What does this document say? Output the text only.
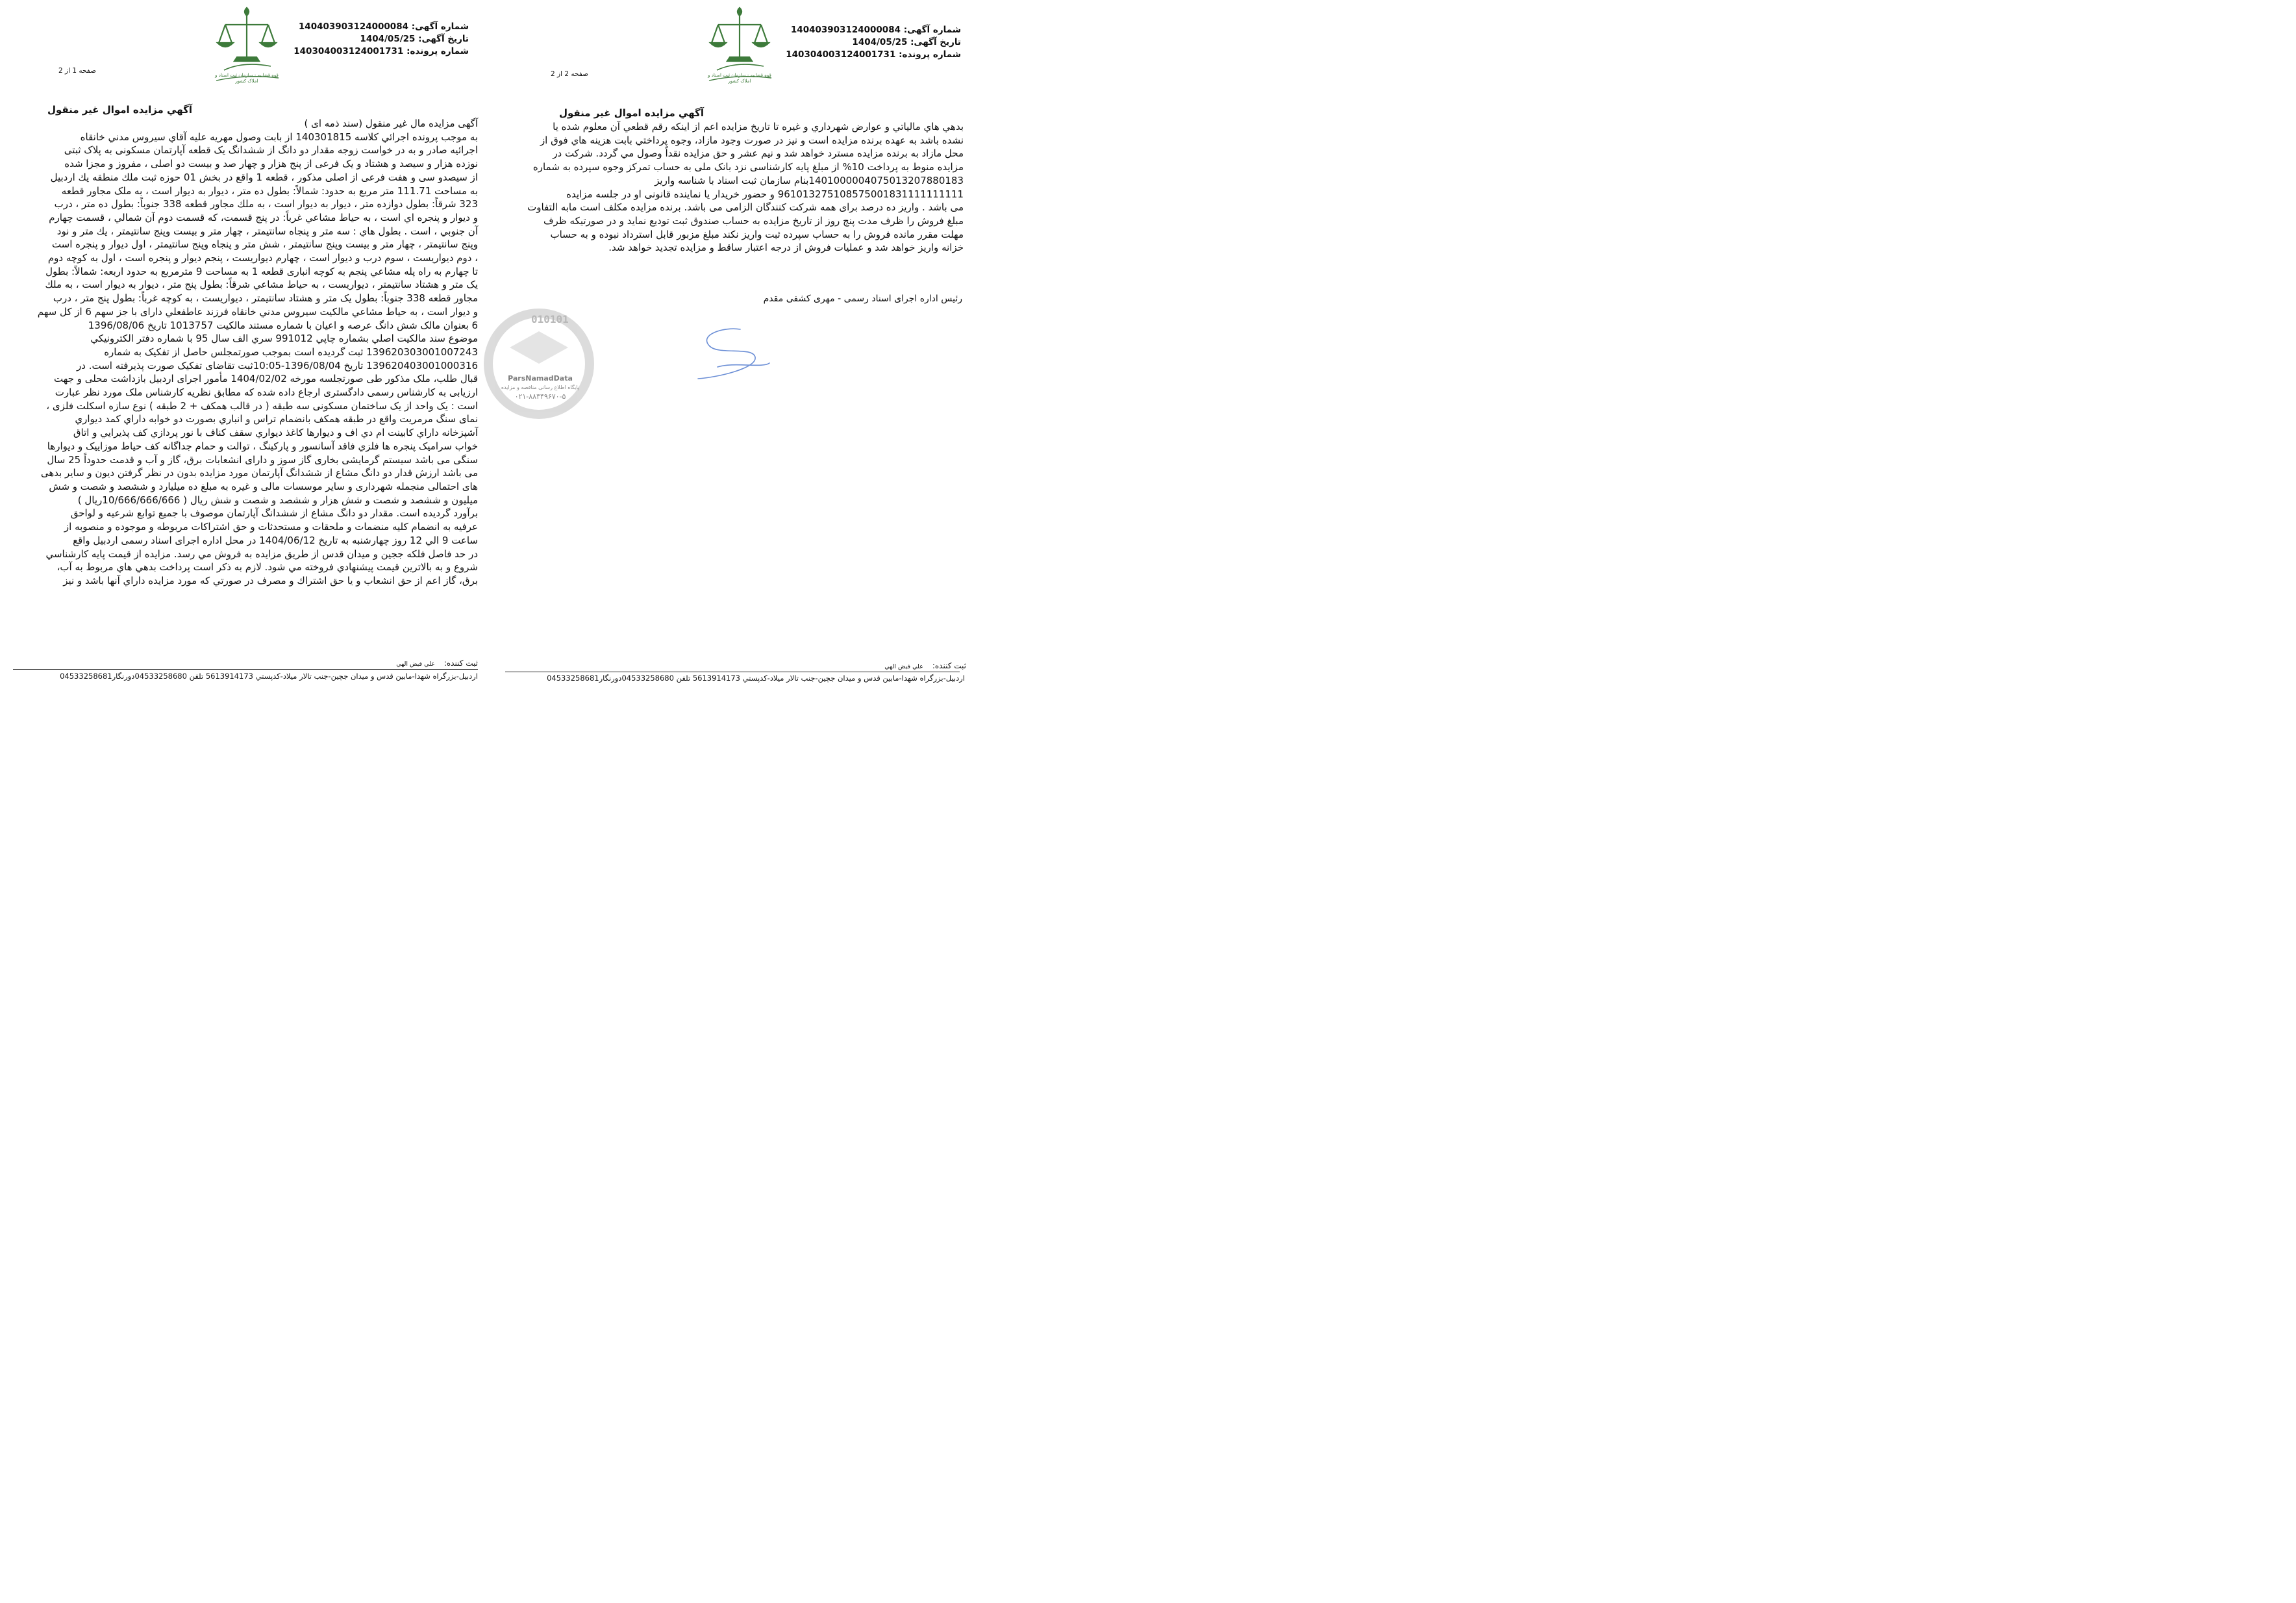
شماره آگهی: 140403903124000084
تاریخ آگهی: 1404/05/25
شماره پرونده: 140304003124001731
قوه قضاییه - سازمان ثبت اسناد و املاک کشور
صفحه 1 از 2
آگهي مزايده اموال غير منقول

آگهی مزایده مال غیر منقول (سند ذمه ای )

به موجب پرونده اجرائي كلاسه 140301815 از بابت وصول مهريه عليه آقاي سيروس مدني خانقاه

اجرائيه صادر و به در خواست زوجه مقدار دو دانگ از ششدانگ یک قطعه آپارتمان مسکونی به پلاک ثبتی

نوزده هزار و سیصد و هشتاد و یک فرعی از پنج هزار و چهار صد و بیست دو اصلی ، مفروز و مجزا شده

از سیصدو سی و هفت فرعی از اصلی مذکور ، قطعه 1 واقع در بخش 01 حوزه ثبت ملك منطقه يك اردبيل

به مساحت 111.71 متر مربع به حدود: شمالاً: بطول ده متر ، ديوار به ديوار است ، به ملک مجاور قطعه

323 شرقاً: بطول دوازده متر ، ديوار به ديوار است ، به ملك مجاور قطعه 338 جنوباً: بطول ده متر ، درب

و ديوار و پنجره اي است ، به حياط مشاعي غرباً: در پنج قسمت، كه قسمت دوم آن شمالي ، قسمت چهارم

آن جنوبي ، است . بطول هاي : سه متر و پنجاه سانتيمتر ، چهار متر و بيست وپنج سانتيمتر ، يك متر و نود

وپنج سانتيمتر ، چهار متر و بيست وپنج سانتيمتر ، شش متر و پنجاه وپنج سانتيمتر ، اول ديوار و پنجره است

، دوم ديواريست ، سوم درب و ديوار است ، چهارم ديواريست ، پنجم ديوار و پنجره است ، اول به كوچه دوم

تا چهارم به راه پله مشاعي پنجم به كوچه انباری قطعه 1 به مساحت 9 مترمربع به حدود اربعه: شمالاً: بطول

يک متر و هشتاد سانتيمتر ، ديواريست ، به حياط مشاعي شرقاً: بطول پنج متر ، ديوار به ديوار است ، به ملك

مجاور قطعه 338 جنوباً: بطول يک متر و هشتاد سانتيمتر ، ديواريست ، به كوچه غرباً: بطول پنج متر ، درب

و ديوار است ، به حياط مشاعي مالكيت سيروس مدني خانقاه فرزند عاطفعلي داراى با جز سهم 6 از كل سهم

6 بعنوان مالک شش دانگ عرصه و اعيان با شماره مستند مالكيت 1013757 تاريخ 1396/08/06

موضوع سند مالكيت اصلي بشماره چاپي 991012 سري الف سال 95 با شماره دفتر الكترونيكي

139620303001007243 ثبت گرديده است بموجب صورتمجلس حاصل از تفكيک به شماره

139620403001000316 تاريخ 1396/08/04-10:05ثبت تقاضاى تفكيک صورت پذيرفته است. در

قبال طلب، ملک مذکور طی صورتجلسه مورخه 1404/02/02 مأمور اجرای اردبیل بازداشت محلی و جهت

ارزیابی به کارشناس رسمی دادگستری ارجاع داده شده که مطابق نظریه کارشناس ملک مورد نظر عبارت

است : یک واحد از یک ساختمان مسکونی سه طبقه ( در قالب همکف + 2 طبقه ) نوع سازه اسکلت فلزی ،

نمای سنگ مرمریت واقع در طبقه همکف بانضمام تراس و انباري بصورت دو خوابه داراي كمد ديواري

آشپزخانه داراي كابينت ام دي اف و ديوارها كاغذ ديواري سقف كناف با نور پردازي كف پذيرايي و اتاق

خواب سراميک پنجره ها فلزي فاقد آسانسور و پاركينگ ، توالت و حمام جداگانه كف حياط موزاييک و ديوارها

سنگی می باشد سیستم گرمایشی بخاری گاز سوز و دارای انشعابات برق، گاز و آب و قدمت حدوداً 25 سال

می باشد ارزش قدار دو دانگ مشاع از ششدانگ آپارتمان مورد مزایده بدون در نظر گرفتن دیون و سایر بدهی

های احتمالی منجمله شهرداری و سایر موسسات مالی و غیره به مبلغ ده میلیارد و ششصد و شصت و شش

میلیون و ششصد و شصت و شش هزار و ششصد و شصت و شش ريال ( 10/666/666/666ريال )

برآورد گردیده است. مقدار دو دانگ مشاع از ششدانگ آپارتمان موصوف با جميع توابع شرعيه و لواحق

عرفيه به انضمام كليه منضمات و ملحقات و مستحدثات و حق اشتراكات مربوطه و موجوده و منصوبه از

ساعت 9 الي 12 روز چهارشنبه به تاريخ 1404/06/12 در محل اداره اجرای اسناد رسمی اردبیل واقع

در حد فاصل فلكه ججين و ميدان قدس از طريق مزايده به فروش مي رسد. مزايده از قيمت پايه كارشناسي

شروع و به بالاترين قيمت پيشنهادي فروخته مي شود. لازم به ذكر است پرداخت بدهي هاي مربوط به آب،

برق، گاز اعم از حق انشعاب و يا حق اشتراك و مصرف در صورتي كه مورد مزايده داراي آنها باشد و نيز

ثبت کننده:علي فيض الهي
اردبيل-بزرگراه شهدا-مابين قدس و ميدان جچين-جنب تالار ميلاد-كدپستي 5613914173 تلفن 04533258680دورنگار04533258681
شماره آگهی: 140403903124000084
تاریخ آگهی: 1404/05/25
شماره پرونده: 140304003124001731
قوه قضاییه - سازمان ثبت اسناد و املاک کشور
صفحه 2 از 2
آگهي مزايده اموال غير منقول

بدهي هاي مالياتي و عوارض شهرداري و غيره تا تاريخ مزايده اعم از اينكه رقم قطعي آن معلوم شده يا

نشده باشد به عهده برنده مزايده است و نيز در صورت وجود مازاد، وجوه پرداختي بابت هزينه هاي فوق از

محل مازاد به برنده مزايده مسترد خواهد شد و نيم عشر و حق مزايده نقداً وصول مي گردد. شركت در

مزايده منوط به پرداخت 10% از مبلغ پايه كارشناسی نزد بانک ملی به حساب تمركز وجوه سپرده به شماره

1401000004075013207880183بنام سازمان ثبت اسناد با شناسه واريز

961013275108575001831111111111 و حضور خريدار يا نماينده قانونی او در جلسه مزايده

می باشد . واريز ده درصد برای همه شركت كنندگان الزامی می باشد. برنده مزايده مكلف است مابه التفاوت

مبلغ فروش را ظرف مدت پنج روز از تاريخ مزايده به حساب صندوق ثبت توديع نمايد و در صورتيكه ظرف

مهلت مقرر مانده فروش را به حساب سپرده ثبت واريز نكند مبلغ مزبور قابل استرداد نبوده و به حساب

خزانه واريز خواهد شد و عمليات فروش از درجه اعتبار ساقط و مزايده تجديد خواهد شد.

رئیس اداره اجرای اسناد رسمی - مهری کشفی مقدم
ثبت کننده:علي فيض الهي
اردبيل-بزرگراه شهدا-مابين قدس و ميدان جچين-جنب تالار ميلاد-كدپستي 5613914173 تلفن 04533258680دورنگار04533258681
010101
ParsNamadData
پایگاه اطلاع رسانی مناقصه و مزایده
۰۲۱-۸۸۳۴۹۶۷۰-۵
